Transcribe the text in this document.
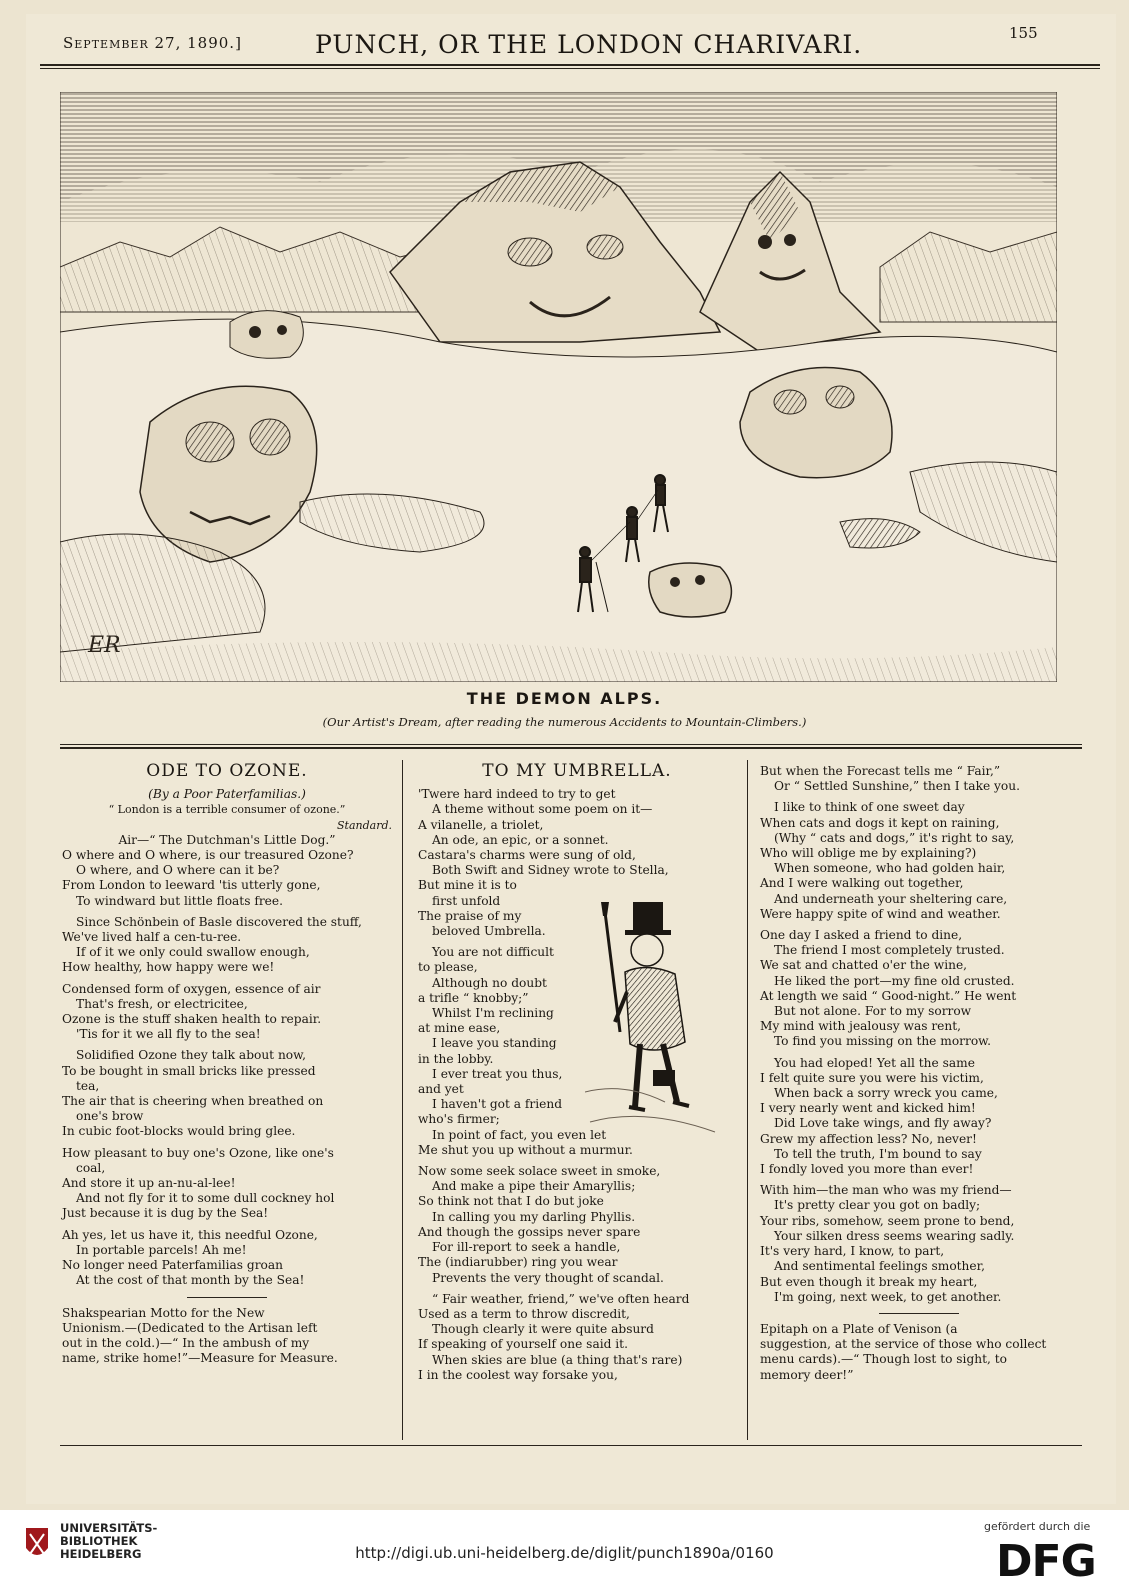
September 27, 1890.]	PUNCH, OR THE LONDON CHARIVARI.	155
ER
THE DEMON ALPS.
(Our Artist's Dream, after reading the numerous Accidents to Mountain-Climbers.)

ODE TO OZONE.

(By a Poor Paterfamilias.)

“ London is a terrible consumer of ozone.”

Standard.

Air—“ The Dutchman's Little Dog.”

O where and O where, is our treasured Ozone?

O where, and O where can it be?

From London to leeward 'tis utterly gone,

To windward but little floats free.

Since Schönbein of Basle discovered the stuff,

We've lived half a cen-tu-ree.

If of it we only could swallow enough,

How healthy, how happy were we!

Condensed form of oxygen, essence of air

That's fresh, or electricitee,

Ozone is the stuff shaken health to repair.

'Tis for it we all fly to the sea!

Solidified Ozone they talk about now,

To be bought in small bricks like pressed

tea,

The air that is cheering when breathed on

one's brow

In cubic foot-blocks would bring glee.

How pleasant to buy one's Ozone, like one's

coal,

And store it up an-nu-al-lee!

And not fly for it to some dull cockney hol

Just because it is dug by the Sea!

Ah yes, let us have it, this needful Ozone,

In portable parcels! Ah me!

No longer need Paterfamilias groan

At the cost of that month by the Sea!

Shakspearian Motto for the New

Unionism.—(Dedicated to the Artisan left

out in the cold.)—“ In the ambush of my

name, strike home!”—Measure for Measure.

TO MY UMBRELLA.

'Twere hard indeed to try to get

A theme without some poem on it—

A vilanelle, a triolet,

An ode, an epic, or a sonnet.

Castara's charms were sung of old,

Both Swift and Sidney wrote to Stella,

But mine it is to

first unfold

The praise of my

beloved Umbrella.

You are not difficult

to please,

Although no doubt

a trifle “ knobby;”

Whilst I'm reclining

at mine ease,

I leave you standing

in the lobby.

I ever treat you thus,

and yet

I haven't got a friend

who's firmer;

In point of fact, you even let

Me shut you up without a murmur.

Now some seek solace sweet in smoke,

And make a pipe their Amaryllis;

So think not that I do but joke

In calling you my darling Phyllis.

And though the gossips never spare

For ill-report to seek a handle,

The (indiarubber) ring you wear

Prevents the very thought of scandal.

“ Fair weather, friend,” we've often heard

Used as a term to throw discredit,

Though clearly it were quite absurd

If speaking of yourself one said it.

When skies are blue (a thing that's rare)

I in the coolest way forsake you,

But when the Forecast tells me “ Fair,”

Or “ Settled Sunshine,” then I take you.

I like to think of one sweet day

When cats and dogs it kept on raining,

(Why “ cats and dogs,” it's right to say,

Who will oblige me by explaining?)

When someone, who had golden hair,

And I were walking out together,

And underneath your sheltering care,

Were happy spite of wind and weather.

One day I asked a friend to dine,

The friend I most completely trusted.

We sat and chatted o'er the wine,

He liked the port—my fine old crusted.

At length we said “ Good-night.” He went

But not alone. For to my sorrow

My mind with jealousy was rent,

To find you missing on the morrow.

You had eloped! Yet all the same

I felt quite sure you were his victim,

When back a sorry wreck you came,

I very nearly went and kicked him!

Did Love take wings, and fly away?

Grew my affection less? No, never!

To tell the truth, I'm bound to say

I fondly loved you more than ever!

With him—the man who was my friend—

It's pretty clear you got on badly;

Your ribs, somehow, seem prone to bend,

Your silken dress seems wearing sadly.

It's very hard, I know, to part,

And sentimental feelings smother,

But even though it break my heart,

I'm going, next week, to get another.

Epitaph on a Plate of Venison (a

suggestion, at the service of those who collect

menu cards).—“ Though lost to sight, to

memory deer!”

UNIVERSITÄTS-
BIBLIOTHEK
HEIDELBERG	http://digi.ub.uni-heidelberg.de/diglit/punch1890a/0160
gefördert durch die
DFG
